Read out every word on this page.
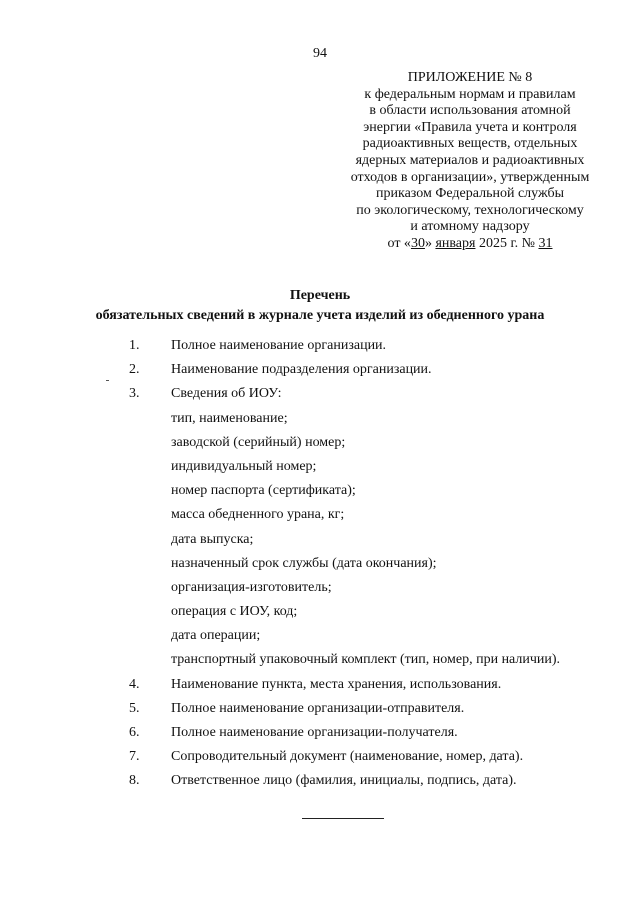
94
ПРИЛОЖЕНИЕ № 8
к федеральным нормам и правилам
в области использования атомной
энергии «Правила учета и контроля
радиоактивных веществ, отдельных
ядерных материалов и радиоактивных
отходов в организации», утвержденным
приказом Федеральной службы
по экологическому, технологическому
и атомному надзору
от «30» января 2025 г. № 31
Перечень
обязательных сведений в журнале учета изделий из обедненного урана
1.	Полное наименование организации.
2.	Наименование подразделения организации.
3.	Сведения об ИОУ:
тип, наименование;
заводской (серийный) номер;
индивидуальный номер;
номер паспорта (сертификата);
масса обедненного урана, кг;
дата выпуска;
назначенный срок службы (дата окончания);
организация-изготовитель;
операция с ИОУ, код;
дата операции;
транспортный упаковочный комплект (тип, номер, при наличии).
4.	Наименование пункта, места хранения, использования.
5.	Полное наименование организации-отправителя.
6.	Полное наименование организации-получателя.
7.	Сопроводительный документ (наименование, номер, дата).
8.	Ответственное лицо (фамилия, инициалы, подпись, дата).
